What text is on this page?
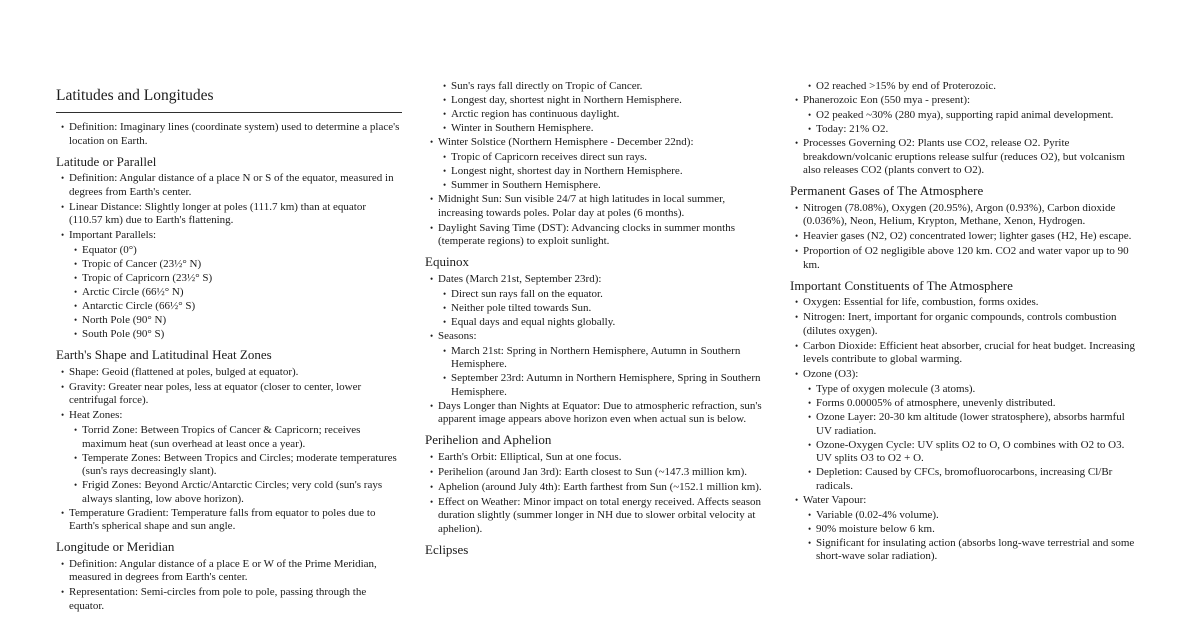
Latitudes and Longitudes
• Definition: Imaginary lines (coordinate system) used to determine a place's location on Earth.
Latitude or Parallel
• Definition: Angular distance of a place N or S of the equator, measured in degrees from Earth's center.
• Linear Distance: Slightly longer at poles (111.7 km) than at equator (110.57 km) due to Earth's flattening.
• Important Parallels:
• Equator (0°)
• Tropic of Cancer (23½° N)
• Tropic of Capricorn (23½° S)
• Arctic Circle (66½° N)
• Antarctic Circle (66½° S)
• North Pole (90° N)
• South Pole (90° S)
Earth's Shape and Latitudinal Heat Zones
• Shape: Geoid (flattened at poles, bulged at equator).
• Gravity: Greater near poles, less at equator (closer to center, lower centrifugal force).
• Heat Zones:
• Torrid Zone: Between Tropics of Cancer & Capricorn; receives maximum heat (sun overhead at least once a year).
• Temperate Zones: Between Tropics and Circles; moderate temperatures (sun's rays decreasingly slant).
• Frigid Zones: Beyond Arctic/Antarctic Circles; very cold (sun's rays always slanting, low above horizon).
• Temperature Gradient: Temperature falls from equator to poles due to Earth's spherical shape and sun angle.
Longitude or Meridian
• Definition: Angular distance of a place E or W of the Prime Meridian, measured in degrees from Earth's center.
• Representation: Semi-circles from pole to pole, passing through the equator.
• Sun's rays fall directly on Tropic of Cancer.
• Longest day, shortest night in Northern Hemisphere.
• Arctic region has continuous daylight.
• Winter in Southern Hemisphere.
• Winter Solstice (Northern Hemisphere - December 22nd):
• Tropic of Capricorn receives direct sun rays.
• Longest night, shortest day in Northern Hemisphere.
• Summer in Southern Hemisphere.
• Midnight Sun: Sun visible 24/7 at high latitudes in local summer, increasing towards poles. Polar day at poles (6 months).
• Daylight Saving Time (DST): Advancing clocks in summer months (temperate regions) to exploit sunlight.
Equinox
• Dates (March 21st, September 23rd):
• Direct sun rays fall on the equator.
• Neither pole tilted towards Sun.
• Equal days and equal nights globally.
• Seasons:
• March 21st: Spring in Northern Hemisphere, Autumn in Southern Hemisphere.
• September 23rd: Autumn in Northern Hemisphere, Spring in Southern Hemisphere.
• Days Longer than Nights at Equator: Due to atmospheric refraction, sun's apparent image appears above horizon even when actual sun is below.
Perihelion and Aphelion
• Earth's Orbit: Elliptical, Sun at one focus.
• Perihelion (around Jan 3rd): Earth closest to Sun (~147.3 million km).
• Aphelion (around July 4th): Earth farthest from Sun (~152.1 million km).
• Effect on Weather: Minor impact on total energy received. Affects season duration slightly (summer longer in NH due to slower orbital velocity at aphelion).
Eclipses
• O2 reached >15% by end of Proterozoic.
• Phanerozoic Eon (550 mya - present):
• O2 peaked ~30% (280 mya), supporting rapid animal development.
• Today: 21% O2.
• Processes Governing O2: Plants use CO2, release O2. Pyrite breakdown/volcanic eruptions release sulfur (reduces O2), but volcanism also releases CO2 (plants convert to O2).
Permanent Gases of The Atmosphere
• Nitrogen (78.08%), Oxygen (20.95%), Argon (0.93%), Carbon dioxide (0.036%), Neon, Helium, Krypton, Methane, Xenon, Hydrogen.
• Heavier gases (N2, O2) concentrated lower; lighter gases (H2, He) escape.
• Proportion of O2 negligible above 120 km. CO2 and water vapor up to 90 km.
Important Constituents of The Atmosphere
• Oxygen: Essential for life, combustion, forms oxides.
• Nitrogen: Inert, important for organic compounds, controls combustion (dilutes oxygen).
• Carbon Dioxide: Efficient heat absorber, crucial for heat budget. Increasing levels contribute to global warming.
• Ozone (O3):
• Type of oxygen molecule (3 atoms).
• Forms 0.00005% of atmosphere, unevenly distributed.
• Ozone Layer: 20-30 km altitude (lower stratosphere), absorbs harmful UV radiation.
• Ozone-Oxygen Cycle: UV splits O2 to O, O combines with O2 to O3. UV splits O3 to O2 + O.
• Depletion: Caused by CFCs, bromofluorocarbons, increasing Cl/Br radicals.
• Water Vapour:
• Variable (0.02-4% volume).
• 90% moisture below 6 km.
• Significant for insulating action (absorbs long-wave terrestrial and some short-wave solar radiation).
